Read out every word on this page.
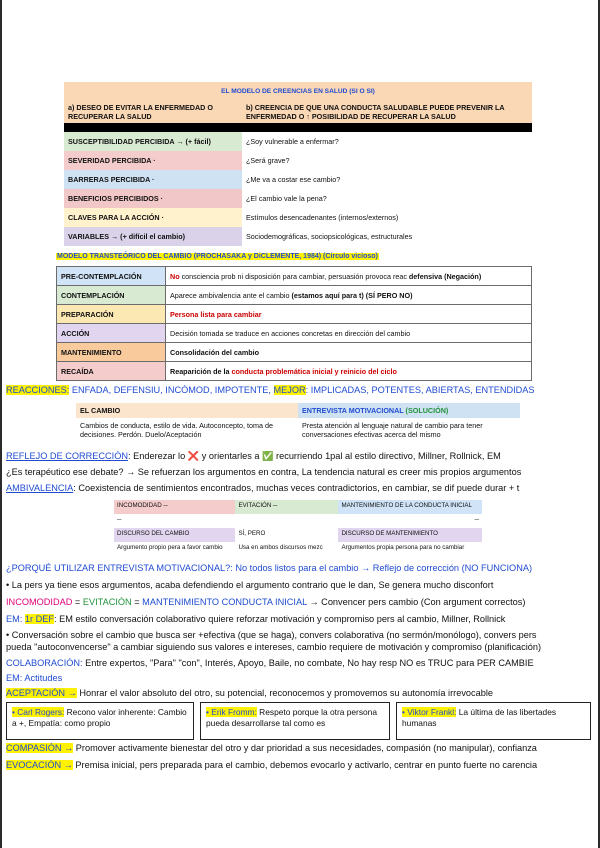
EL MODELO DE CREENCIAS EN SALUD (SI O SI)	
a) DESEO DE EVITAR LA ENFERMEDAD O RECUPERAR LA SALUD	b) CREENCIA DE QUE UNA CONDUCTA SALUDABLE PUEDE PREVENIR LA ENFERMEDAD O ↑ POSIBILIDAD DE RECUPERAR LA SALUD

SUSCEPTIBILIDAD PERCIBIDA → (+ fácil)	¿Soy vulnerable a enfermar?
SEVERIDAD PERCIBIDA ·	¿Será grave?
BARRERAS PERCIBIDA ·	¿Me va a costar ese cambio?
BENEFICIOS PERCIBIDOS ·	¿El cambio vale la pena?
CLAVES PARA LA ACCIÓN ·	Estímulos desencadenantes (internos/externos)
VARIABLES → (+ difícil el cambio)	Sociodemográficas, sociopsicológicas, estructurales
MODELO TRANSTEÓRICO DEL CAMBIO (PROCHASAKA y DiCLEMENTE, 1984) (Círculo vicioso)
PRE-CONTEMPLACIÓN	No consciencia prob ni disposición para cambiar, persuasión provoca reac defensiva (Negación)
CONTEMPLACIÓN	Aparece ambivalencia ante el cambio (estamos aquí para t) (SÍ PERO NO)
PREPARACIÓN	Persona lista para cambiar
ACCIÓN	Decisión tomada se traduce en acciones concretas en dirección del cambio
MANTENIMIENTO	Consolidación del cambio
RECAÍDA	Reaparición de la conducta problemática inicial y reinicio del ciclo
REACCIONES: ENFADA, DEFENSIU, INCÓMOD, IMPOTENTE, MEJOR: IMPLICADAS, POTENTES, ABIERTAS, ENTENDIDAS
EL CAMBIO	ENTREVISTA MOTIVACIONAL (SOLUCIÓN)
Cambios de conducta, estilo de vida. Autoconcepto, toma de decisiones. Perdón. Duelo/Aceptación	Presta atención al lenguaje natural de cambio para tener conversaciones efectivas acerca del mismo
REFLEJO DE CORRECCIÓN: Enderezar lo ❌ y orientarles a ✅ recurriendo 1pal al estilo directivo, Millner, Rollnick, EM
¿Es terapéutico ese debate? → Se refuerzan los argumentos en contra, La tendencia natural es creer mis propios argumentos
AMBIVALENCIA: Coexistencia de sentimientos encontrados, muchas veces contradictorios, en cambiar, se dif puede durar + t
INCOMODIDAD ─	EVITACIÓN ─	MANTENIMIENTO DE LA CONDUCTA INICIAL
─		─
DISCURSO DEL CAMBIO	SÍ, PERO	DISCURSO DE MANTENIMIENTO
Argumento propio pera a favor cambio	Usa en ambos discursos mezc	Argumentos propia persona para no cambiar
¿PORQUÉ UTILIZAR ENTREVISTA MOTIVACIONAL?: No todos listos para el cambio → Reflejo de corrección (NO FUNCIONA)
• La pers ya tiene esos argumentos, acaba defendiendo el argumento contrario que le dan, Se genera mucho disconfort
INCOMODIDAD = EVITACIÓN = MANTENIMIENTO CONDUCTA INICIAL → Convencer pers cambio (Con argument correctos)
EM: 1r DEF: EM estilo conversación colaborativo quiere reforzar motivación y compromiso pers al cambio, Millner, Rollnick
• Conversación sobre el cambio que busca ser +efectiva (que se haga), convers colaborativa (no sermón/monólogo), convers pers
pueda "autoconvencerse" a cambiar siguiendo sus valores e intereses, cambio requiere de motivación y compromiso (planificación)
COLABORACIÓN: Entre expertos, "Para" "con", Interés, Apoyo, Baile, no combate, No hay resp NO es TRUC para PER CAMBIE
EM: Actitudes
ACEPTACIÓN → Honrar el valor absoluto del otro, su potencial, reconocemos y promovemos su autonomía irrevocable
• Carl Rogers: Recono valor inherente: Cambio a +, Empatía: como propio
• Erik Fromm: Respeto porque la otra persona pueda desarrollarse tal como es
• Viktor Frankl: La última de las libertades humanas
COMPASIÓN → Promover activamente bienestar del otro y dar prioridad a sus necesidades, compasión (no manipular), confianza
EVOCACIÓN → Premisa inicial, pers preparada para el cambio, debemos evocarlo y activarlo, centrar en punto fuerte no carencia
